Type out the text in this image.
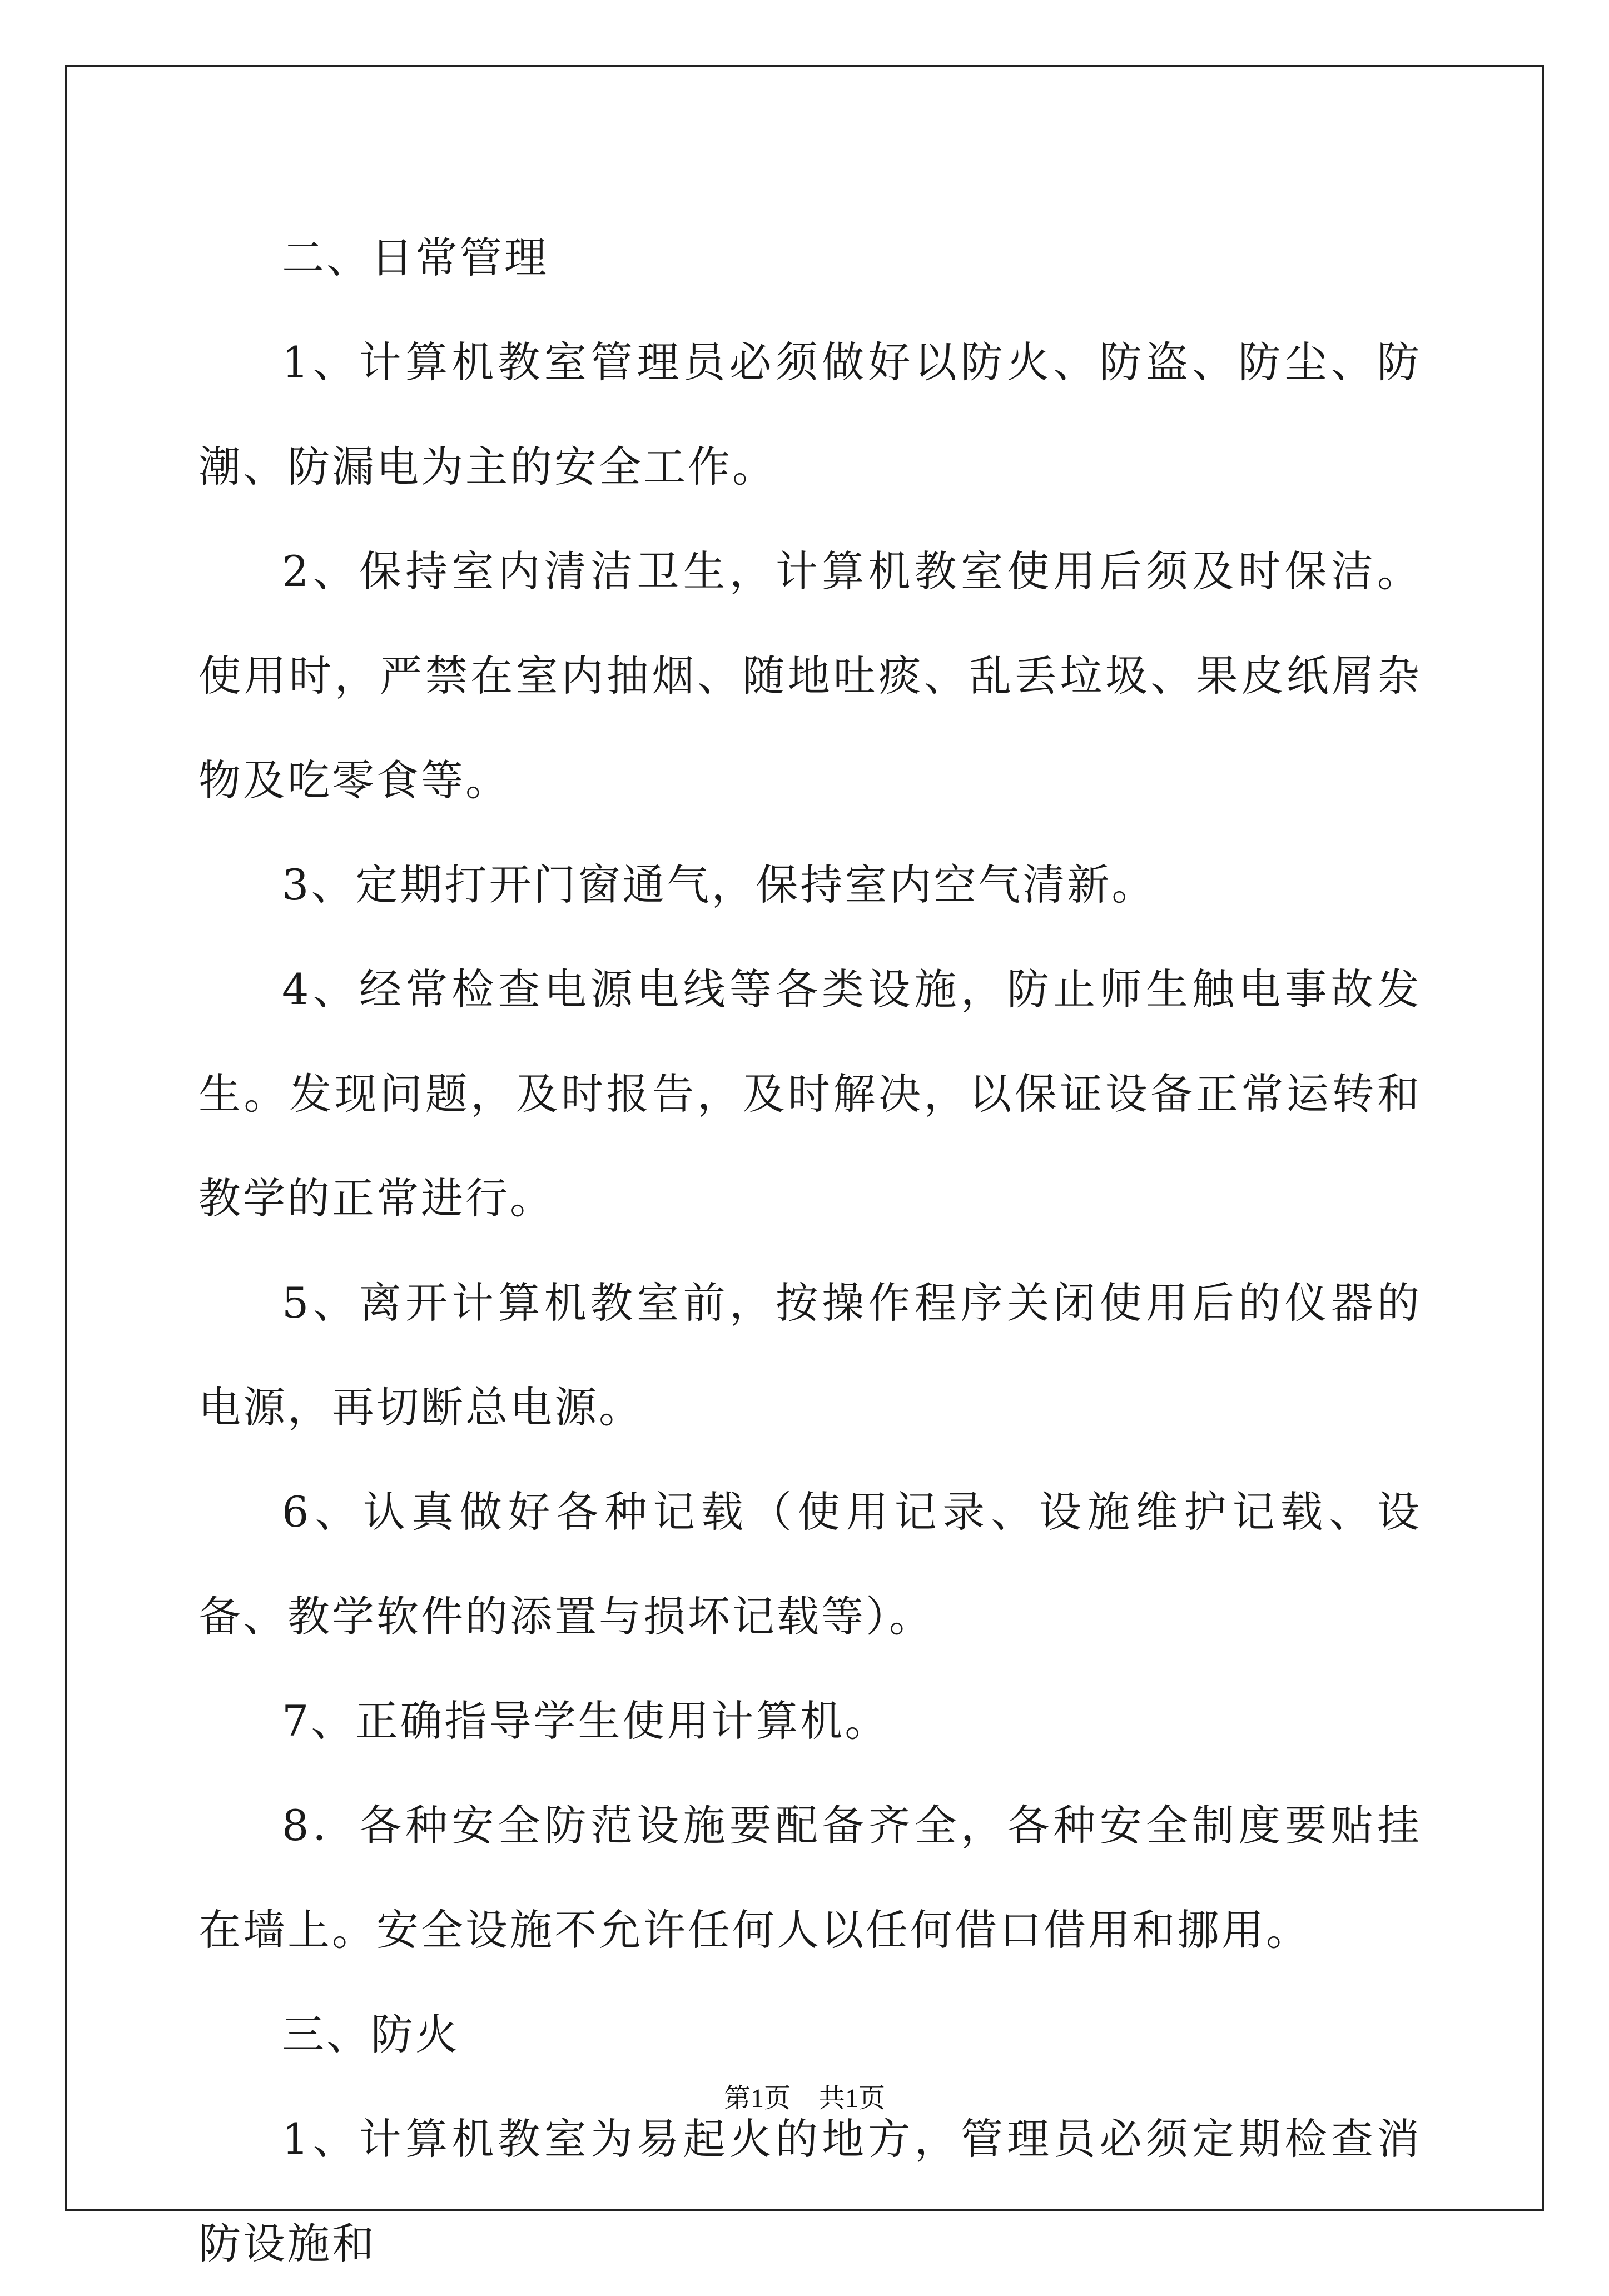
二、日常管理

1、计算机教室管理员必须做好以防火、防盗、防尘、防潮、防漏电为主的安全工作。

2、保持室内清洁卫生，计算机教室使用后须及时保洁。使用时，严禁在室内抽烟、随地吐痰、乱丢垃圾、果皮纸屑杂物及吃零食等。

3、定期打开门窗通气，保持室内空气清新。

4、经常检查电源电线等各类设施，防止师生触电事故发生。发现问题，及时报告，及时解决，以保证设备正常运转和教学的正常进行。

5、离开计算机教室前，按操作程序关闭使用后的仪器的电源，再切断总电源。

6、认真做好各种记载（使用记录、设施维护记载、设备、教学软件的添置与损坏记载等）。

7、正确指导学生使用计算机。

8．各种安全防范设施要配备齐全，各种安全制度要贴挂在墙上。安全设施不允许任何人以任何借口借用和挪用。

三、防火

1、计算机教室为易起火的地方，管理员必须定期检查消防设施和

第1页 共1页
